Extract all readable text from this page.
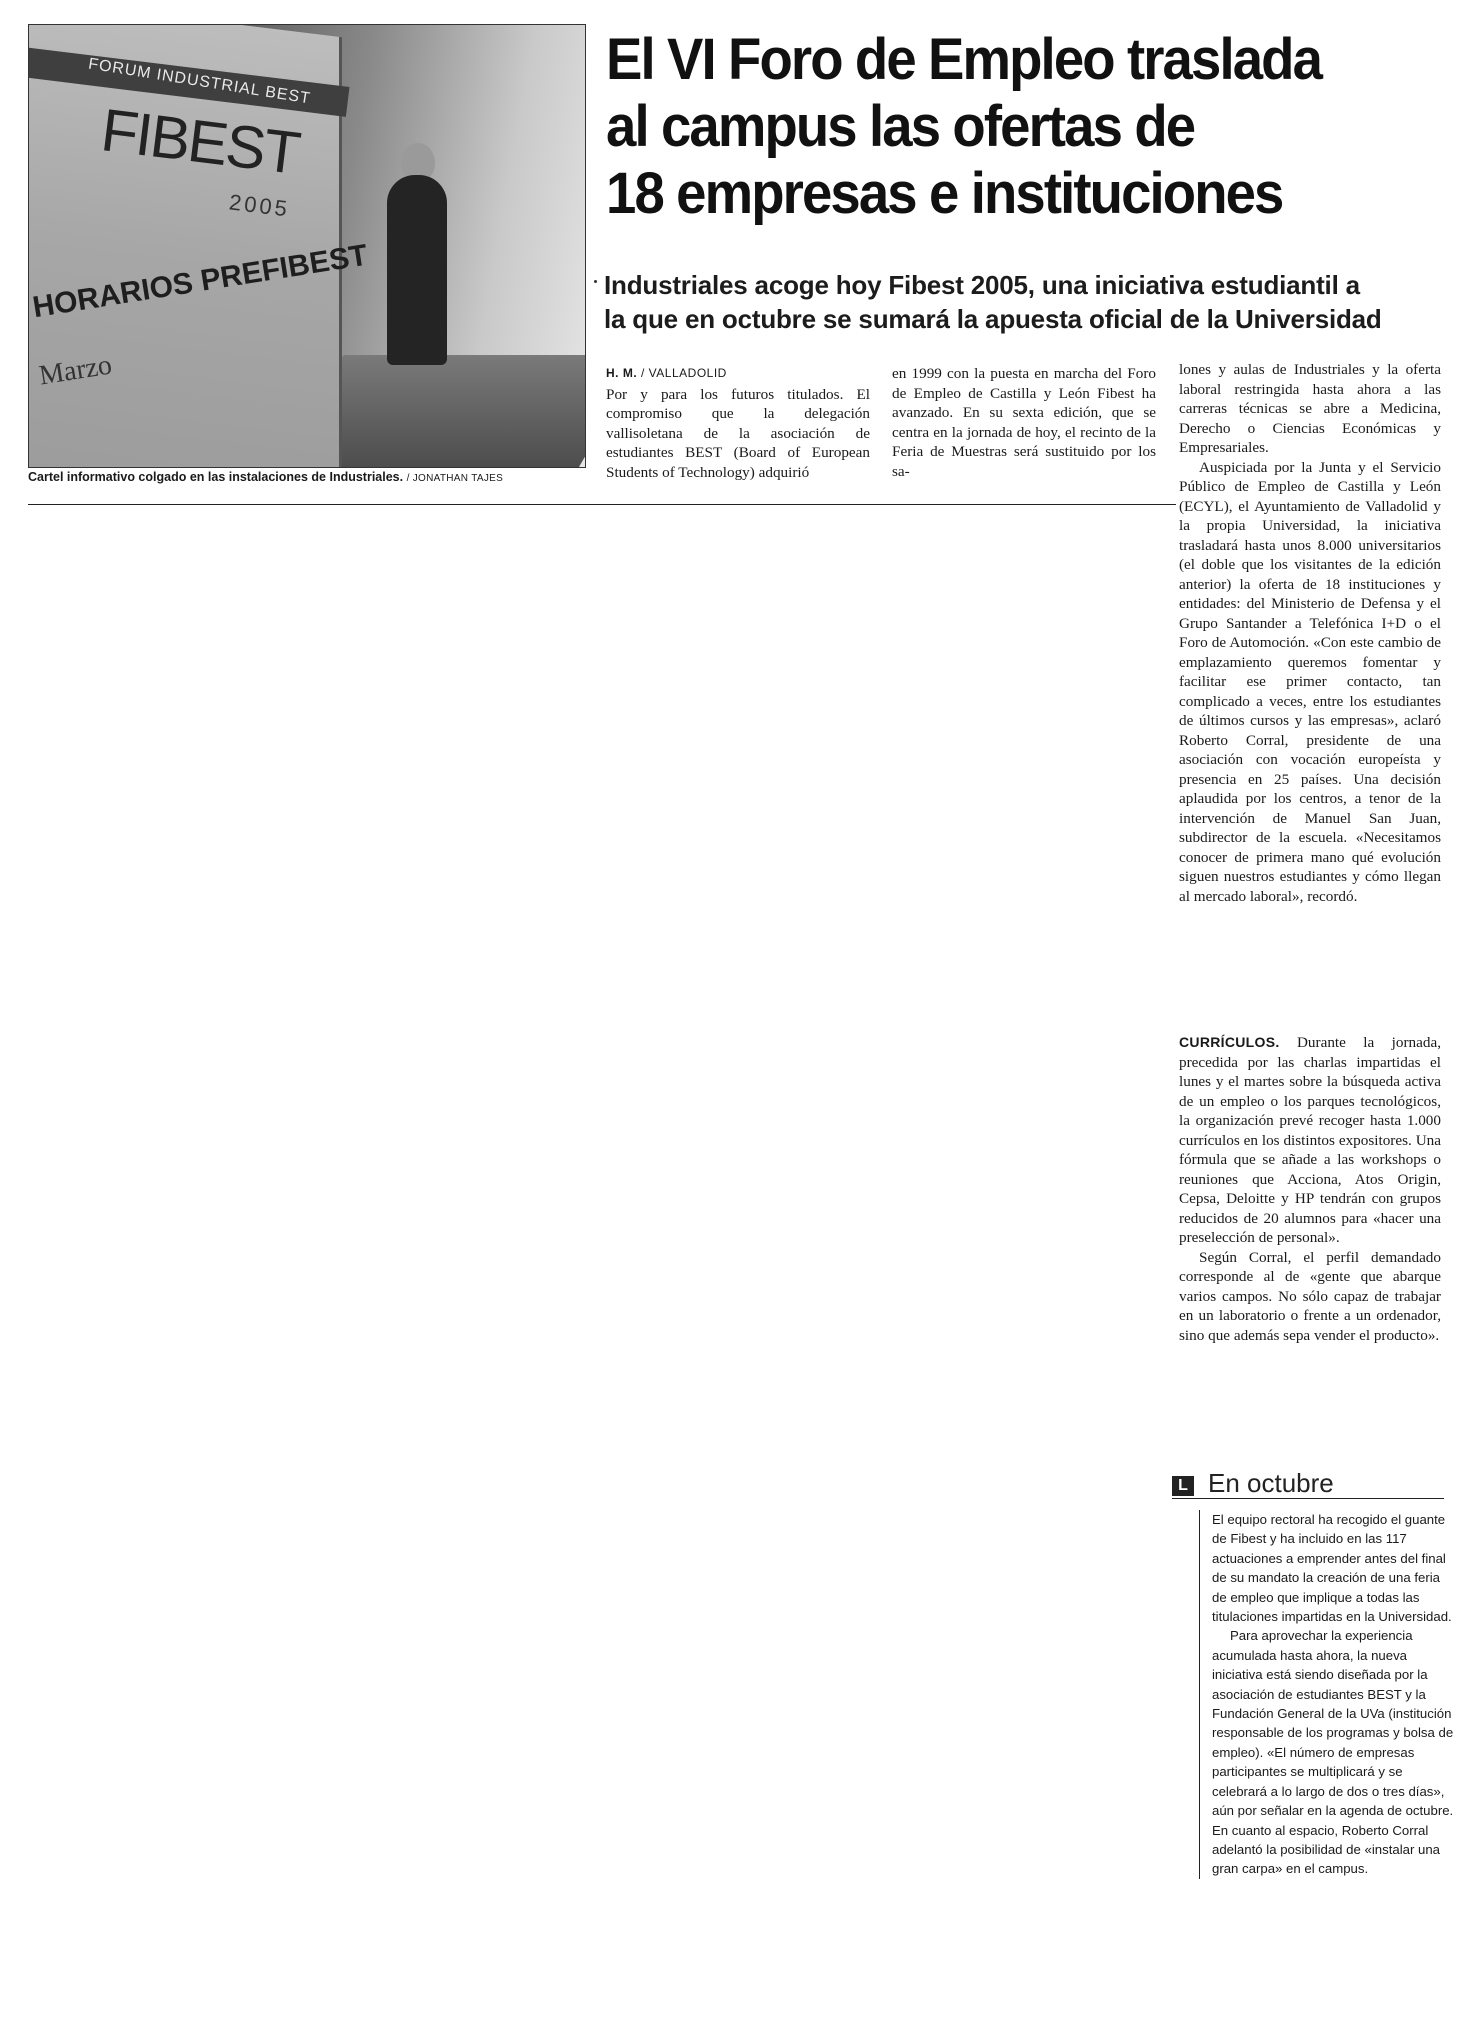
FORUM INDUSTRIAL BEST
FIBEST
2005
HORARIOS PREFIBEST
Marzo
Cartel informativo colgado en las instalaciones de Industriales. / JONATHAN TAJES
El VI Foro de Empleo traslada
al campus las ofertas de
18 empresas e instituciones
Industriales acoge hoy Fibest 2005, una iniciativa estudiantil a
la que en octubre se sumará la apuesta oficial de la Universidad
H. M. / VALLADOLID

Por y para los futuros titulados. El compromiso que la delegación vallisoletana de la asociación de estudiantes BEST (Board of European Students of Technology) adquirió

en 1999 con la puesta en marcha del Foro de Empleo de Castilla y León Fibest ha avanzado. En su sexta edición, que se centra en la jornada de hoy, el recinto de la Feria de Muestras será sustituido por los sa-

lones y aulas de Industriales y la oferta laboral restringida hasta ahora a las carreras técnicas se abre a Medicina, Derecho o Ciencias Económicas y Empresariales.

Auspiciada por la Junta y el Servicio Público de Empleo de Castilla y León (ECYL), el Ayuntamiento de Valladolid y la propia Universidad, la iniciativa trasladará hasta unos 8.000 universitarios (el doble que los visitantes de la edición anterior) la oferta de 18 instituciones y entidades: del Ministerio de Defensa y el Grupo Santander a Telefónica I+D o el Foro de Automoción. «Con este cambio de emplazamiento queremos fomentar y facilitar ese primer contacto, tan complicado a veces, entre los estudiantes de últimos cursos y las empresas», aclaró Roberto Corral, presidente de una asociación con vocación europeísta y presencia en 25 países. Una decisión aplaudida por los centros, a tenor de la intervención de Manuel San Juan, subdirector de la escuela. «Necesitamos conocer de primera mano qué evolución siguen nuestros estudiantes y cómo llegan al mercado laboral», recordó.

CURRÍCULOS. Durante la jornada, precedida por las charlas impartidas el lunes y el martes sobre la búsqueda activa de un empleo o los parques tecnológicos, la organización prevé recoger hasta 1.000 currículos en los distintos expositores. Una fórmula que se añade a las workshops o reuniones que Acciona, Atos Origin, Cepsa, Deloitte y HP tendrán con grupos reducidos de 20 alumnos para «hacer una preselección de personal».

Según Corral, el perfil demandado corresponde al de «gente que abarque varios campos. No sólo capaz de trabajar en un laboratorio o frente a un ordenador, sino que además sepa vender el producto».

L En octubre

El equipo rectoral ha recogido el guante de Fibest y ha incluido en las 117 actuaciones a emprender antes del final de su mandato la creación de una feria de empleo que implique a todas las titulaciones impartidas en la Universidad.

Para aprovechar la experiencia acumulada hasta ahora, la nueva iniciativa está siendo diseñada por la asociación de estudiantes BEST y la Fundación General de la UVa (institución responsable de los programas y bolsa de empleo). «El número de empresas participantes se multiplicará y se celebrará a lo largo de dos o tres días», aún por señalar en la agenda de octubre. En cuanto al espacio, Roberto Corral adelantó la posibilidad de «instalar una gran carpa» en el campus.
